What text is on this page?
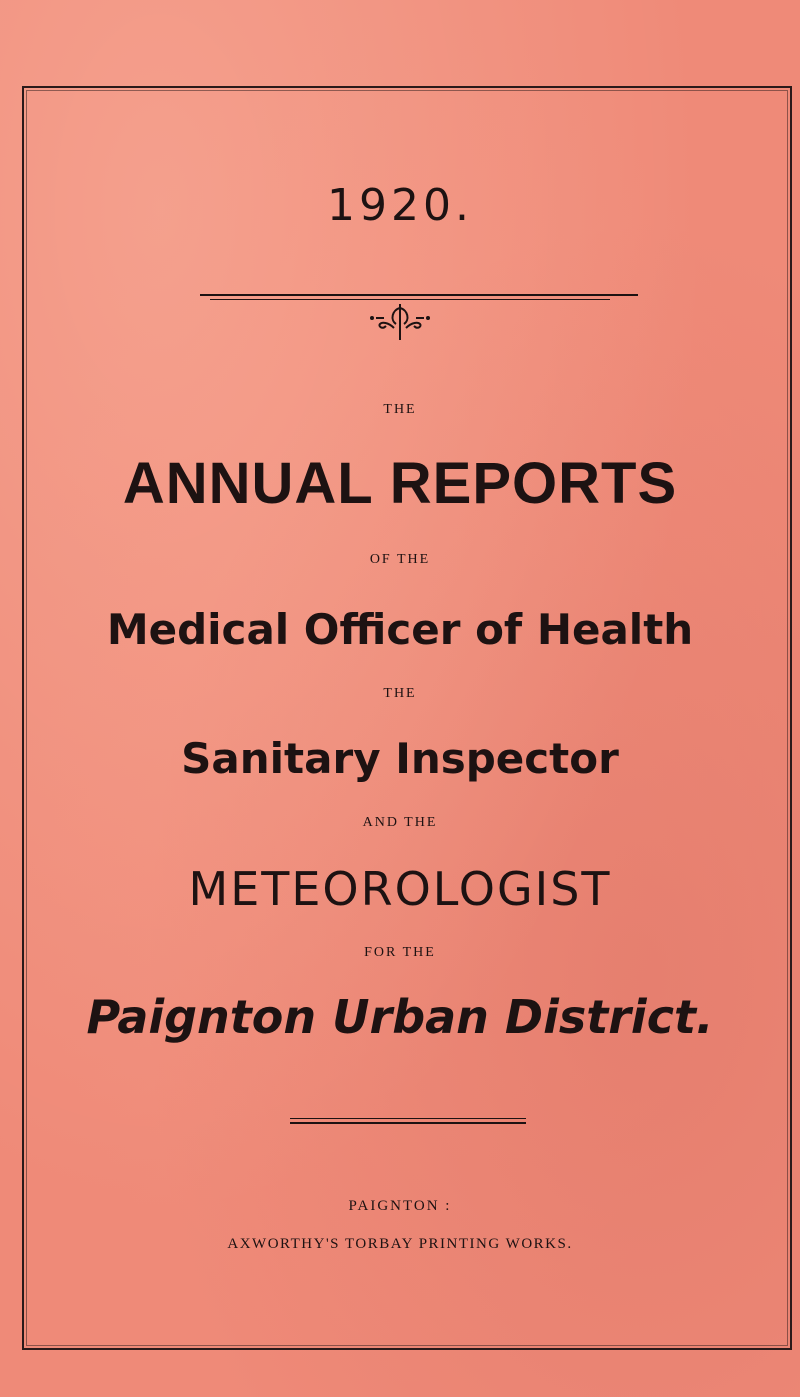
1920.
THE
ANNUAL REPORTS
OF THE
Medical Officer of Health
THE
Sanitary Inspector
AND THE
METEOROLOGIST
FOR THE
Paignton Urban District.
PAIGNTON :
AXWORTHY'S TORBAY PRINTING WORKS.
